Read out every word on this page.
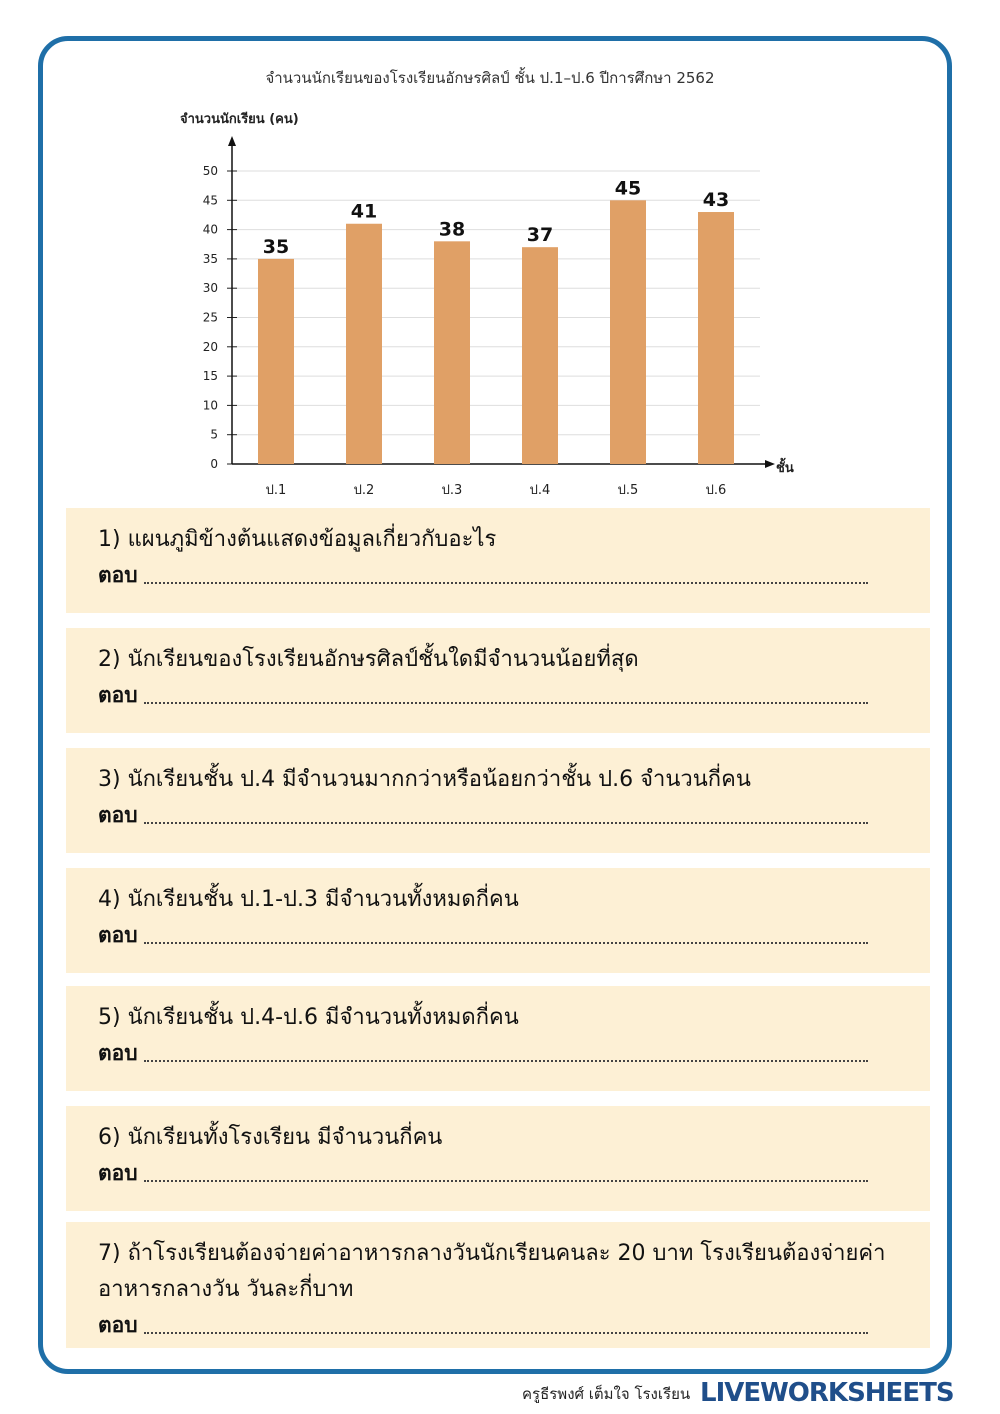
จำนวนนักเรียนของโรงเรียนอักษรศิลป์ ชั้น ป.1–ป.6 ปีการศึกษา 2562
0
5
10
15
20
25
30
35
40
45
50
จำนวนนักเรียน (คน)
ชั้น
35
ป.1
41
ป.2
38
ป.3
37
ป.4
45
ป.5
43
ป.6
1) แผนภูมิข้างต้นแสดงข้อมูลเกี่ยวกับอะไร
ตอบ
2) นักเรียนของโรงเรียนอักษรศิลป์ชั้นใดมีจำนวนน้อยที่สุด
ตอบ
3) นักเรียนชั้น ป.4 มีจำนวนมากกว่าหรือน้อยกว่าชั้น ป.6 จำนวนกี่คน
ตอบ
4) นักเรียนชั้น ป.1-ป.3 มีจำนวนทั้งหมดกี่คน
ตอบ
5) นักเรียนชั้น ป.4-ป.6 มีจำนวนทั้งหมดกี่คน
ตอบ
6) นักเรียนทั้งโรงเรียน มีจำนวนกี่คน
ตอบ
7) ถ้าโรงเรียนต้องจ่ายค่าอาหารกลางวันนักเรียนคนละ 20 บาท โรงเรียนต้องจ่ายค่าอาหารกลางวัน วันละกี่บาท
ตอบ
ครูธีรพงศ์ เต็มใจ โรงเรียน LIVEWORKSHEETS
